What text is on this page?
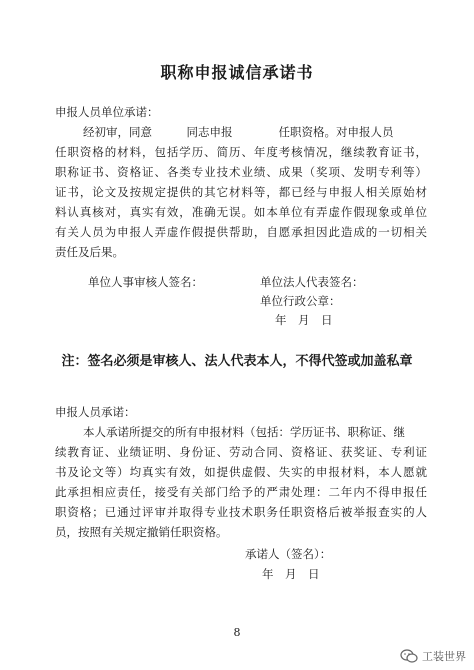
职称申报诚信承诺书
申报人员单位承诺：
经初审，同意　　　同志申报　　　　任职资格。对申报人员
任职资格的材料，包括学历、简历、年度考核情况，继续教育证书，
职称证书、资格证、各类专业技术业绩、成果（奖项、发明专利等）
证书，论文及按规定提供的其它材料等，都已经与申报人相关原始材
料认真核对，真实有效，准确无误。如本单位有弄虚作假现象或单位
有关人员为申报人弄虚作假提供帮助，自愿承担因此造成的一切相关
责任及后果。
单位人事审核人签名：	单位法人代表签名：
单位行政公章：
年　月　日
注：签名必须是审核人、法人代表本人，不得代签或加盖私章
申报人员承诺：
本人承诺所提交的所有申报材料（包括：学历证书、职称证、继
续教育证、业绩证明、身份证、劳动合同、资格证、获奖证、专利证
书及论文等）均真实有效，如提供虚假、失实的申报材料，本人愿就
此承担相应责任，接受有关部门给予的严肃处理：二年内不得申报任
职资格；已通过评审并取得专业技术职务任职资格后被举报查实的人
员，按照有关规定撤销任职资格。
承诺人（签名）：
年　月　日
8
工装世界
